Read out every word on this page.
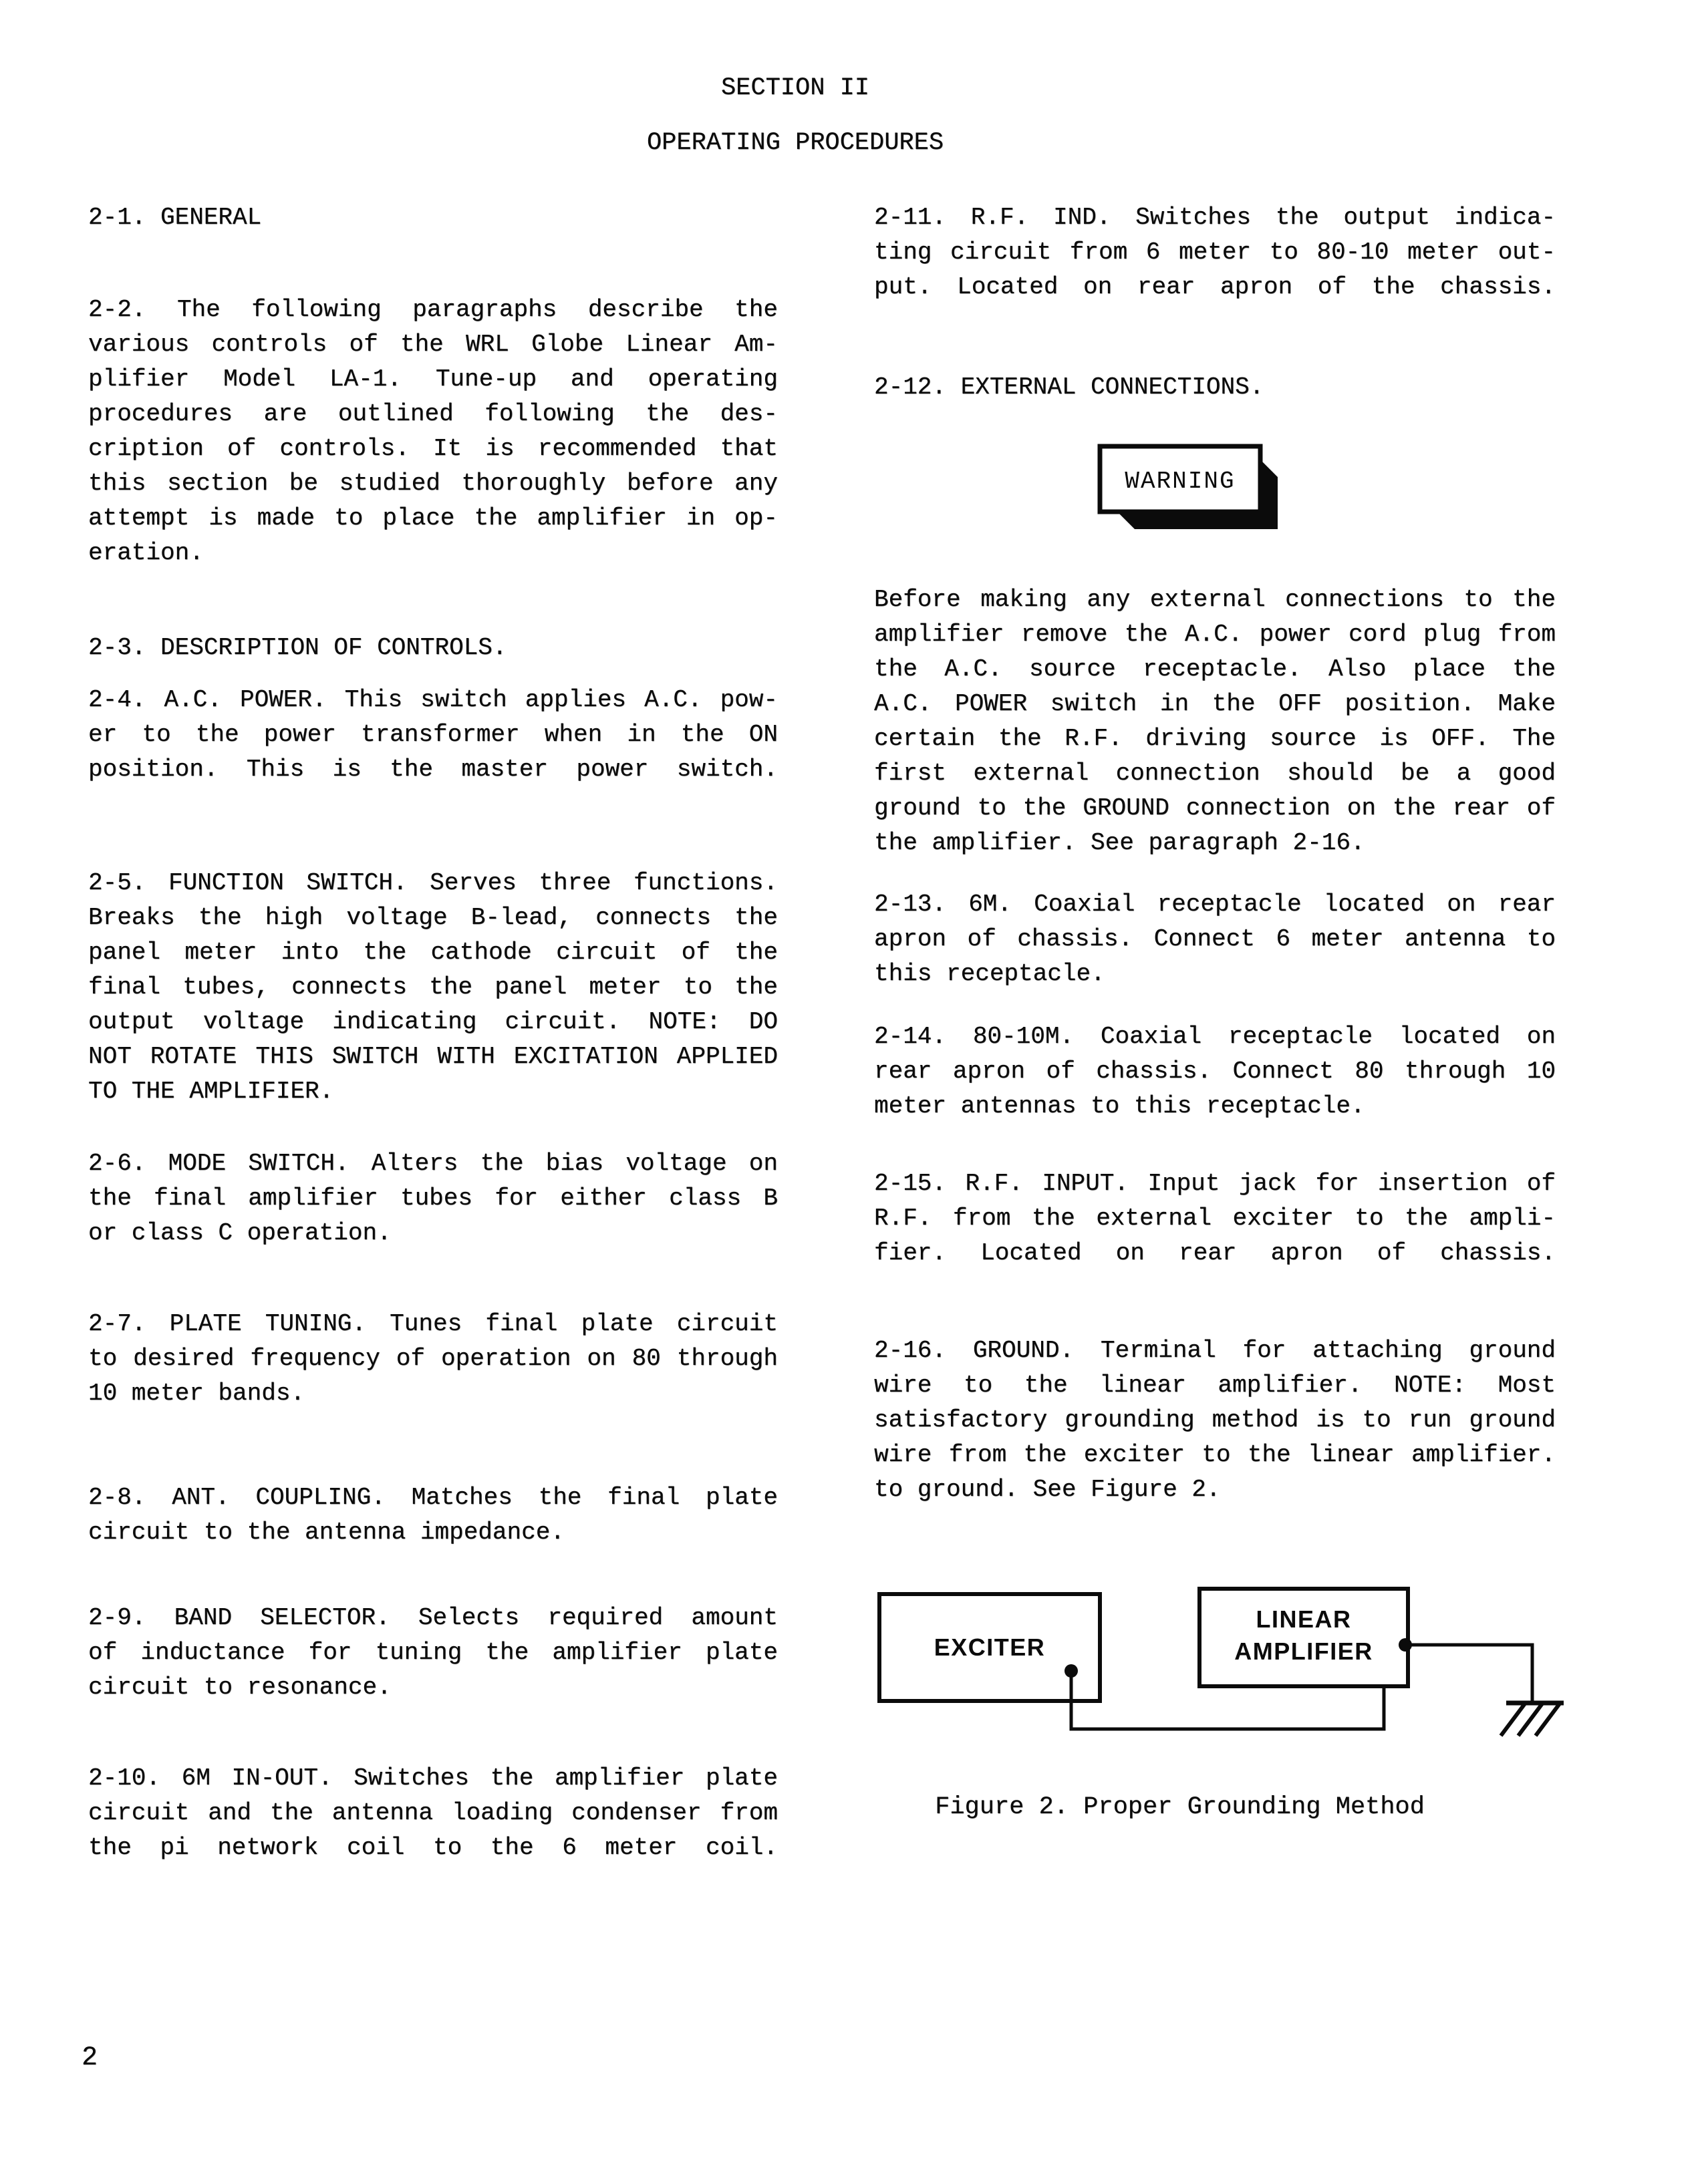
SECTION II
OPERATING PROCEDURES
2-1. GENERAL
2-2. The following paragraphs describe the
various controls of the WRL Globe Linear Am-
plifier Model LA-1. Tune-up and operating
procedures are outlined following the des-
cription of controls. It is recommended that
this section be studied thoroughly before any
attempt is made to place the amplifier in op-
eration.
2-3. DESCRIPTION OF CONTROLS.
2-4. A.C. POWER. This switch applies A.C. pow-
er to the power transformer when in the ON
position. This is the master power switch.
2-5. FUNCTION SWITCH. Serves three functions.
Breaks the high voltage B-lead, connects the
panel meter into the cathode circuit of the
final tubes, connects the panel meter to the
output voltage indicating circuit. NOTE: DO
NOT ROTATE THIS SWITCH WITH EXCITATION APPLIED
TO THE AMPLIFIER.
2-6. MODE SWITCH. Alters the bias voltage on
the final amplifier tubes for either class B
or class C operation.
2-7. PLATE TUNING. Tunes final plate circuit
to desired frequency of operation on 80 through
10 meter bands.
2-8. ANT. COUPLING. Matches the final plate
circuit to the antenna impedance.
2-9. BAND SELECTOR. Selects required amount
of inductance for tuning the amplifier plate
circuit to resonance.
2-10. 6M IN-OUT. Switches the amplifier plate
circuit and the antenna loading condenser from
the pi network coil to the 6 meter coil.
2-11. R.F. IND. Switches the output indica-
ting circuit from 6 meter to 80-10 meter out-
put. Located on rear apron of the chassis.
2-12. EXTERNAL CONNECTIONS.
WARNING
Before making any external connections to the
amplifier remove the A.C. power cord plug from
the A.C. source receptacle. Also place the
A.C. POWER switch in the OFF position. Make
certain the R.F. driving source is OFF. The
first external connection should be a good
ground to the GROUND connection on the rear of
the amplifier. See paragraph 2-16.
2-13. 6M. Coaxial receptacle located on rear
apron of chassis. Connect 6 meter antenna to
this receptacle.
2-14. 80-10M. Coaxial receptacle located on
rear apron of chassis. Connect 80 through 10
meter antennas to this receptacle.
2-15. R.F. INPUT. Input jack for insertion of
R.F. from the external exciter to the ampli-
fier. Located on rear apron of chassis.
2-16. GROUND. Terminal for attaching ground
wire to the linear amplifier. NOTE: Most
satisfactory grounding method is to run ground
wire from the exciter to the linear amplifier.
to ground. See Figure 2.
EXCITER
LINEAR
AMPLIFIER
Figure 2. Proper Grounding Method
2
